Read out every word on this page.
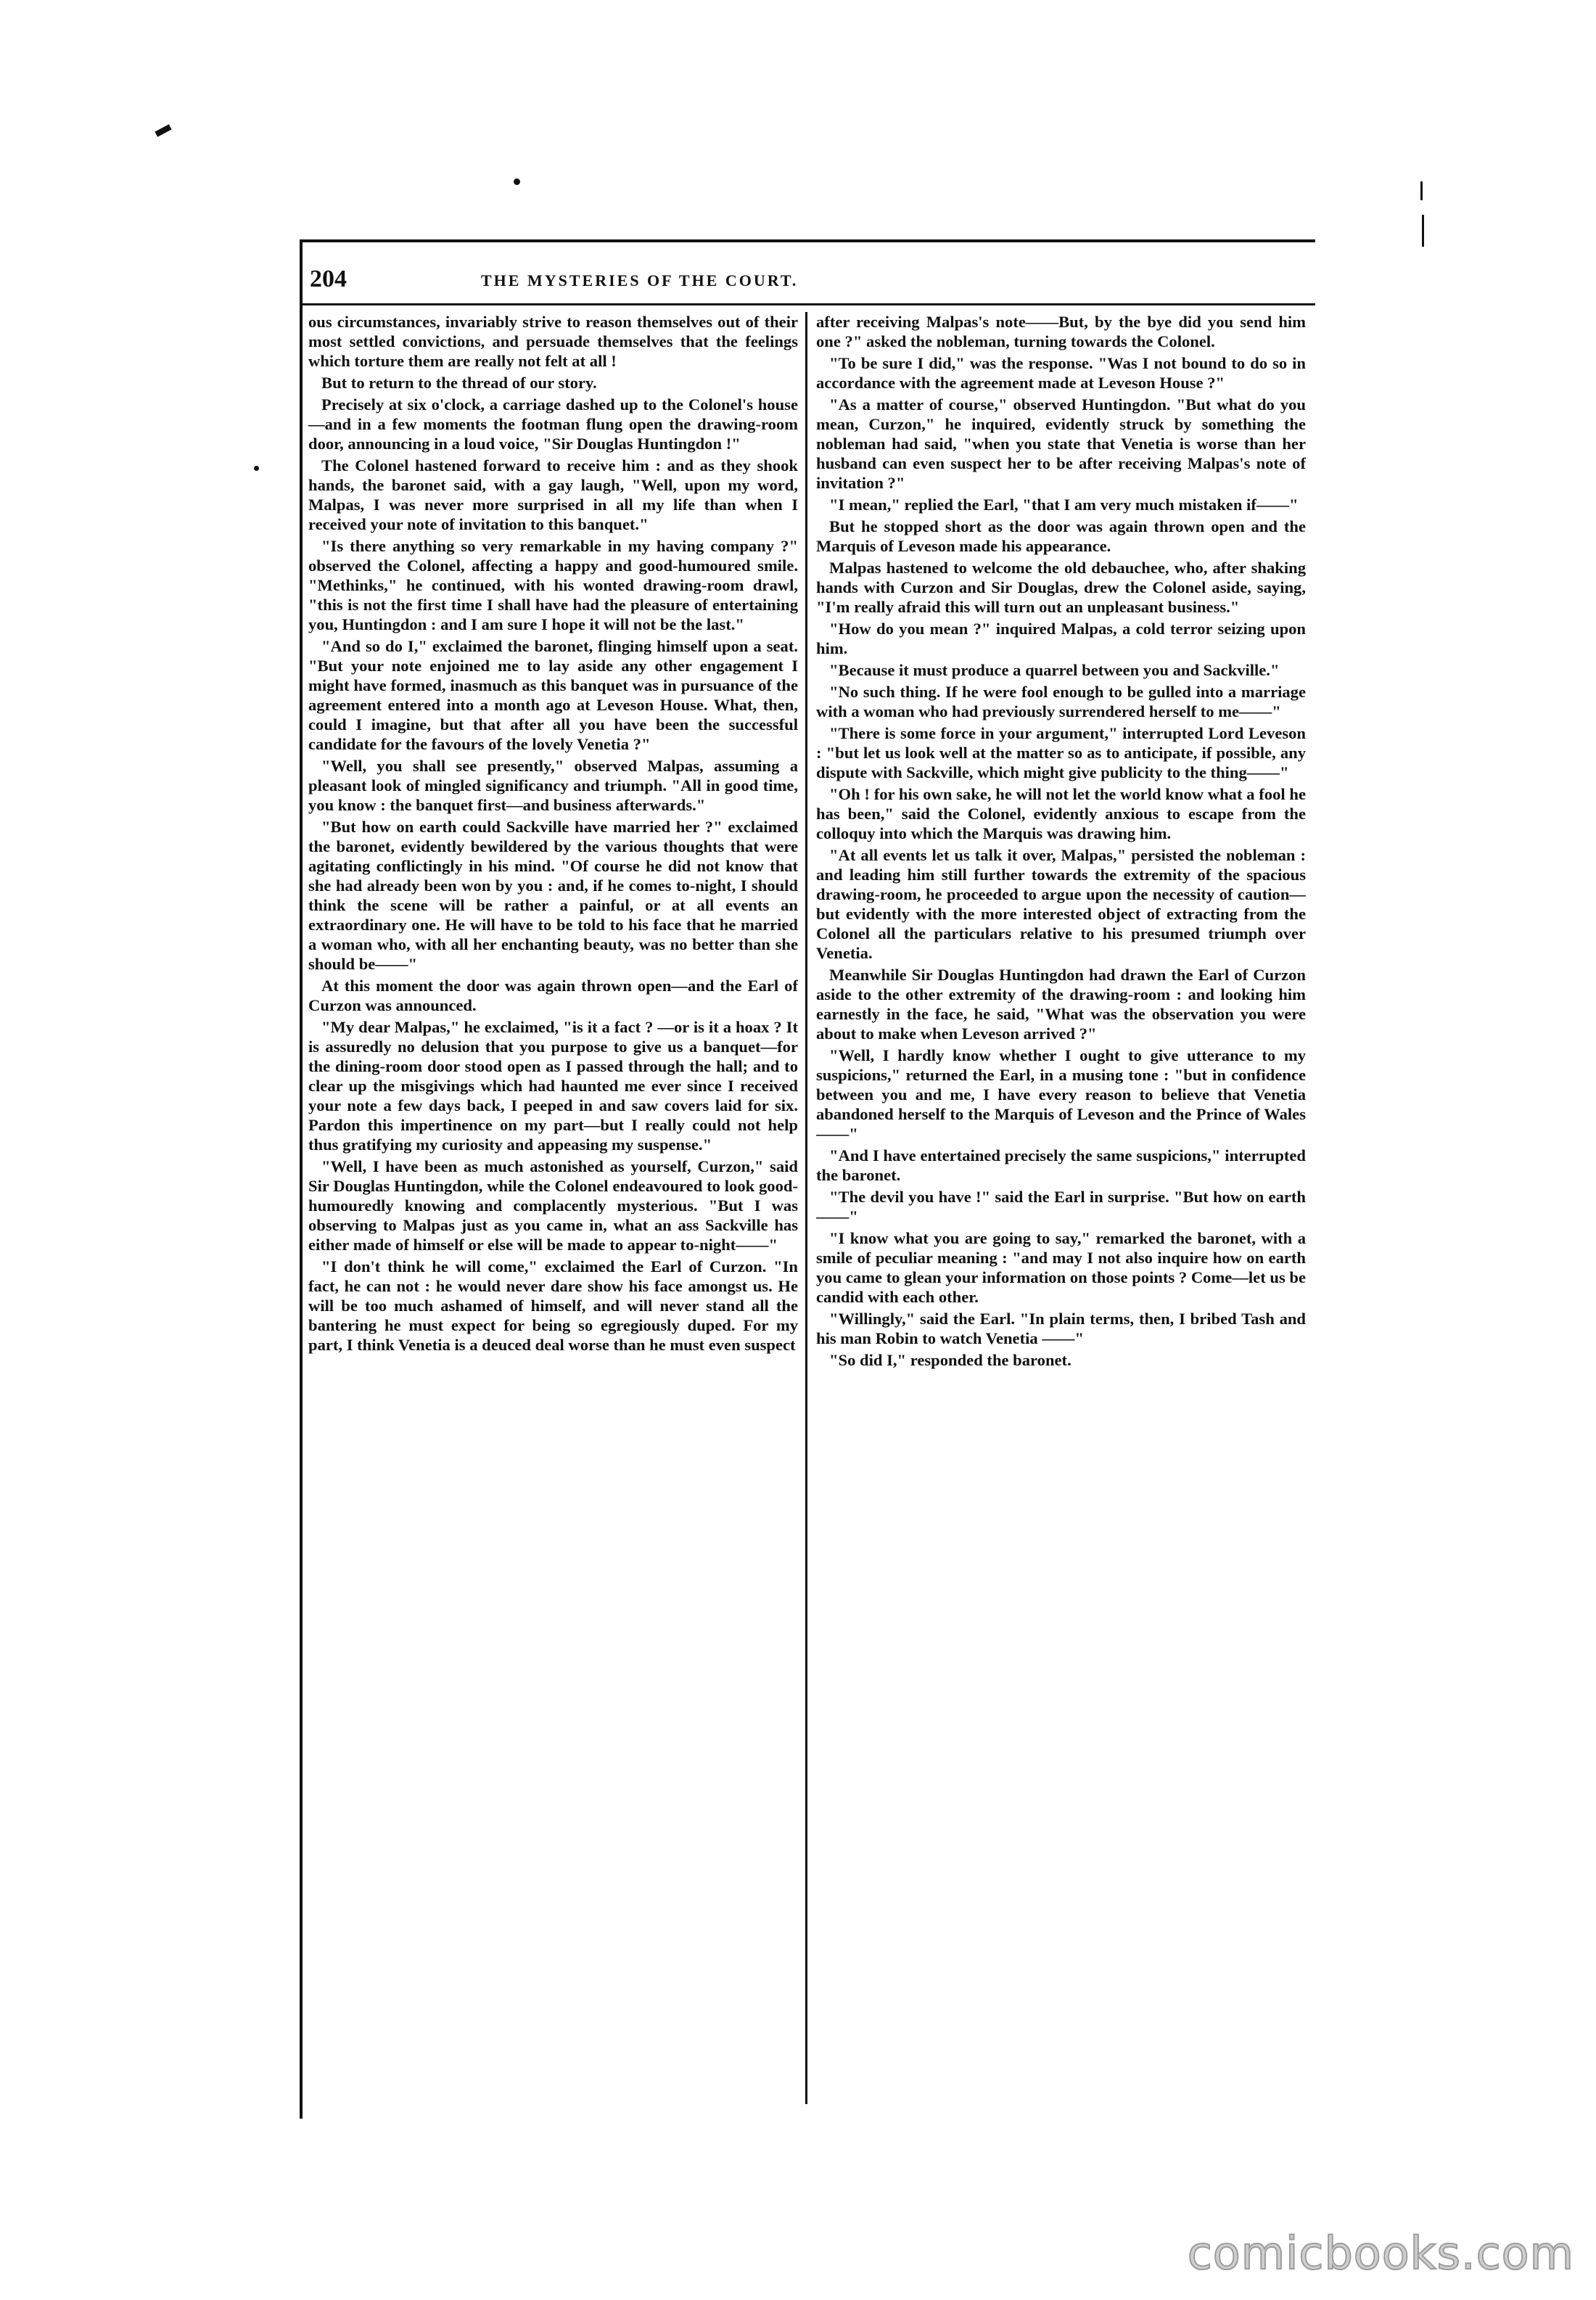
204	THE MYSTERIES OF THE COURT.

ous circumstances, invariably strive to reason themselves out of their most settled convictions, and persuade themselves that the feelings which torture them are really not felt at all !

But to return to the thread of our story.

Precisely at six o'clock, a carriage dashed up to the Colonel's house—and in a few moments the footman flung open the drawing-room door, announcing in a loud voice, "Sir Douglas Huntingdon !"

The Colonel hastened forward to receive him : and as they shook hands, the baronet said, with a gay laugh, "Well, upon my word, Malpas, I was never more surprised in all my life than when I received your note of invitation to this banquet."

"Is there anything so very remarkable in my having company ?" observed the Colonel, affecting a happy and good-humoured smile. "Methinks," he continued, with his wonted drawing-room drawl, "this is not the first time I shall have had the pleasure of entertaining you, Huntingdon : and I am sure I hope it will not be the last."

"And so do I," exclaimed the baronet, flinging himself upon a seat. "But your note enjoined me to lay aside any other engagement I might have formed, inasmuch as this banquet was in pursuance of the agreement entered into a month ago at Leveson House. What, then, could I imagine, but that after all you have been the successful candidate for the favours of the lovely Venetia ?"

"Well, you shall see presently," observed Malpas, assuming a pleasant look of mingled significancy and triumph. "All in good time, you know : the banquet first—and business afterwards."

"But how on earth could Sackville have married her ?" exclaimed the baronet, evidently bewildered by the various thoughts that were agitating conflictingly in his mind. "Of course he did not know that she had already been won by you : and, if he comes to-night, I should think the scene will be rather a painful, or at all events an extraordinary one. He will have to be told to his face that he married a woman who, with all her enchanting beauty, was no better than she should be——"

At this moment the door was again thrown open—and the Earl of Curzon was announced.

"My dear Malpas," he exclaimed, "is it a fact ? —or is it a hoax ? It is assuredly no delusion that you purpose to give us a banquet—for the dining-room door stood open as I passed through the hall; and to clear up the misgivings which had haunted me ever since I received your note a few days back, I peeped in and saw covers laid for six. Pardon this impertinence on my part—but I really could not help thus gratifying my curiosity and appeasing my suspense."

"Well, I have been as much astonished as yourself, Curzon," said Sir Douglas Huntingdon, while the Colonel endeavoured to look good-humouredly knowing and complacently mysterious. "But I was observing to Malpas just as you came in, what an ass Sackville has either made of himself or else will be made to appear to-night——"

"I don't think he will come," exclaimed the Earl of Curzon. "In fact, he can not : he would never dare show his face amongst us. He will be too much ashamed of himself, and will never stand all the bantering he must expect for being so egregiously duped. For my part, I think Venetia is a deuced deal worse than he must even suspect

after receiving Malpas's note——But, by the bye did you send him one ?" asked the nobleman, turning towards the Colonel.

"To be sure I did," was the response. "Was I not bound to do so in accordance with the agreement made at Leveson House ?"

"As a matter of course," observed Huntingdon. "But what do you mean, Curzon," he inquired, evidently struck by something the nobleman had said, "when you state that Venetia is worse than her husband can even suspect her to be after receiving Malpas's note of invitation ?"

"I mean," replied the Earl, "that I am very much mistaken if——"

But he stopped short as the door was again thrown open and the Marquis of Leveson made his appearance.

Malpas hastened to welcome the old debauchee, who, after shaking hands with Curzon and Sir Douglas, drew the Colonel aside, saying, "I'm really afraid this will turn out an unpleasant business."

"How do you mean ?" inquired Malpas, a cold terror seizing upon him.

"Because it must produce a quarrel between you and Sackville."

"No such thing. If he were fool enough to be gulled into a marriage with a woman who had previously surrendered herself to me——"

"There is some force in your argument," interrupted Lord Leveson : "but let us look well at the matter so as to anticipate, if possible, any dispute with Sackville, which might give publicity to the thing——"

"Oh ! for his own sake, he will not let the world know what a fool he has been," said the Colonel, evidently anxious to escape from the colloquy into which the Marquis was drawing him.

"At all events let us talk it over, Malpas," persisted the nobleman : and leading him still further towards the extremity of the spacious drawing-room, he proceeded to argue upon the necessity of caution—but evidently with the more interested object of extracting from the Colonel all the particulars relative to his presumed triumph over Venetia.

Meanwhile Sir Douglas Huntingdon had drawn the Earl of Curzon aside to the other extremity of the drawing-room : and looking him earnestly in the face, he said, "What was the observation you were about to make when Leveson arrived ?"

"Well, I hardly know whether I ought to give utterance to my suspicions," returned the Earl, in a musing tone : "but in confidence between you and me, I have every reason to believe that Venetia abandoned herself to the Marquis of Leveson and the Prince of Wales——"

"And I have entertained precisely the same suspicions," interrupted the baronet.

"The devil you have !" said the Earl in surprise. "But how on earth——"

"I know what you are going to say," remarked the baronet, with a smile of peculiar meaning : "and may I not also inquire how on earth you came to glean your information on those points ? Come—let us be candid with each other.

"Willingly," said the Earl. "In plain terms, then, I bribed Tash and his man Robin to watch Venetia ——"

"So did I," responded the baronet.

comicbooks.com
